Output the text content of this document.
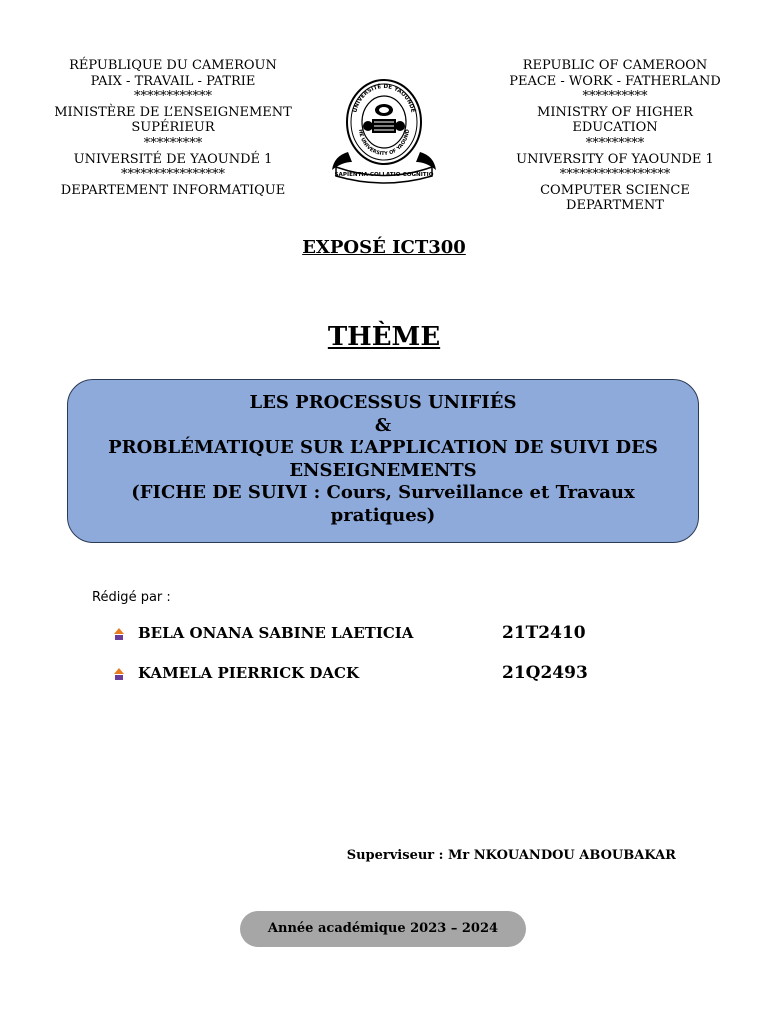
RÉPUBLIQUE DU CAMEROUN
PAIX - TRAVAIL - PATRIE
************
MINISTÈRE DE L’ENSEIGNEMENT
SUPÉRIEUR
*********
UNIVERSITÉ DE YAOUNDÉ 1
****************
DEPARTEMENT INFORMATIQUE
REPUBLIC OF CAMEROON
PEACE - WORK - FATHERLAND
**********
MINISTRY OF HIGHER
EDUCATION
*********
UNIVERSITY OF YAOUNDE 1
*****************
COMPUTER SCIENCE
DEPARTMENT
UNIVERSITÉ DE YAOUNDÉ
HE UNIVERSITY OF YAOUND
SAPIENTIA·COLLATIO·COGNITIO
EXPOSÉ ICT300
THÈME
LES PROCESSUS UNIFIÉS
&
PROBLÉMATIQUE SUR L’APPLICATION DE SUIVI DES
ENSEIGNEMENTS
(FICHE DE SUIVI : Cours, Surveillance et Travaux
pratiques)
Rédigé par :
BELA ONANA SABINE LAETICIA	21T2410
KAMELA PIERRICK DACK	21Q2493
Superviseur : Mr NKOUANDOU ABOUBAKAR
Année académique 2023 – 2024
